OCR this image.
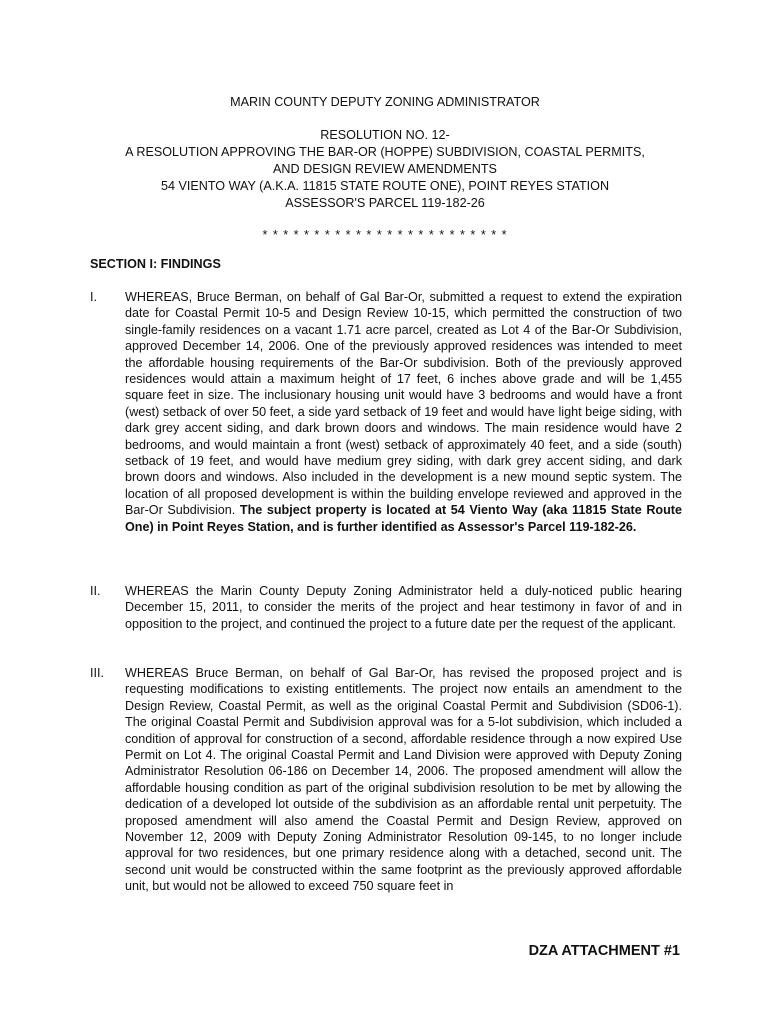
MARIN COUNTY DEPUTY ZONING ADMINISTRATOR
RESOLUTION NO. 12-
A RESOLUTION APPROVING THE BAR-OR (HOPPE) SUBDIVISION, COASTAL PERMITS,
AND DESIGN REVIEW AMENDMENTS
54 VIENTO WAY (A.K.A. 11815 STATE ROUTE ONE), POINT REYES STATION
ASSESSOR'S PARCEL 119-182-26
* * * * * * * * * * * * * * * * * * * * * * * *
SECTION I: FINDINGS
I. WHEREAS, Bruce Berman, on behalf of Gal Bar-Or, submitted a request to extend the expiration date for Coastal Permit 10-5 and Design Review 10-15, which permitted the construction of two single-family residences on a vacant 1.71 acre parcel, created as Lot 4 of the Bar-Or Subdivision, approved December 14, 2006. One of the previously approved residences was intended to meet the affordable housing requirements of the Bar-Or subdivision. Both of the previously approved residences would attain a maximum height of 17 feet, 6 inches above grade and will be 1,455 square feet in size. The inclusionary housing unit would have 3 bedrooms and would have a front (west) setback of over 50 feet, a side yard setback of 19 feet and would have light beige siding, with dark grey accent siding, and dark brown doors and windows. The main residence would have 2 bedrooms, and would maintain a front (west) setback of approximately 40 feet, and a side (south) setback of 19 feet, and would have medium grey siding, with dark grey accent siding, and dark brown doors and windows. Also included in the development is a new mound septic system. The location of all proposed development is within the building envelope reviewed and approved in the Bar-Or Subdivision. The subject property is located at 54 Viento Way (aka 11815 State Route One) in Point Reyes Station, and is further identified as Assessor's Parcel 119-182-26.
II. WHEREAS the Marin County Deputy Zoning Administrator held a duly-noticed public hearing December 15, 2011, to consider the merits of the project and hear testimony in favor of and in opposition to the project, and continued the project to a future date per the request of the applicant.
III. WHEREAS Bruce Berman, on behalf of Gal Bar-Or, has revised the proposed project and is requesting modifications to existing entitlements. The project now entails an amendment to the Design Review, Coastal Permit, as well as the original Coastal Permit and Subdivision (SD06-1). The original Coastal Permit and Subdivision approval was for a 5-lot subdivision, which included a condition of approval for construction of a second, affordable residence through a now expired Use Permit on Lot 4. The original Coastal Permit and Land Division were approved with Deputy Zoning Administrator Resolution 06-186 on December 14, 2006. The proposed amendment will allow the affordable housing condition as part of the original subdivision resolution to be met by allowing the dedication of a developed lot outside of the subdivision as an affordable rental unit perpetuity. The proposed amendment will also amend the Coastal Permit and Design Review, approved on November 12, 2009 with Deputy Zoning Administrator Resolution 09-145, to no longer include approval for two residences, but one primary residence along with a detached, second unit. The second unit would be constructed within the same footprint as the previously approved affordable unit, but would not be allowed to exceed 750 square feet in
DZA ATTACHMENT #1
